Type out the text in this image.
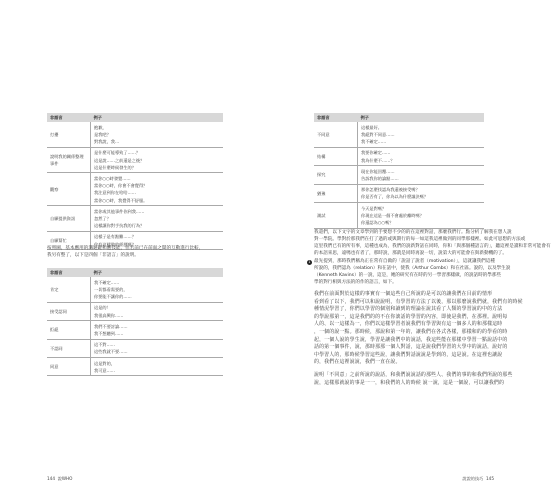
非語言	例子
打擾	抱歉，
是我吧？
對我說，我…

說明我的關係整理事件	是什麼可能導致了……？
這是說……之前還是之後？
這是什麼時候發生的？

觀察	當你○○時發覺……
當你○○時，你會不會覺得？
我注意到你在哈哈……
當你○○時，我覺得不舒服。

自願提供資訊	當你或其他事件你到我……
忽然了？
這樣讓你對手抗我的行為？

自願幫忙	這樣子是有點難……？
你有這樣做的經歷嗎？
按照圖，基本應用的溝通鍵和應技能，但若前已在前面之間的互動進行比較，
我另有整了，以下是四個「非語言」的說明。
非語言	例子
肯定	我不確定……
一切都看需要的，
你要能不讓你的……

接受認同	這是的！
我很高興你……

拒絕	我們不要討論……
我不想聽到……

不認同	這不對……
這些我就不要……

同意	這是對的，
我可意……
144 說WHO
非語言	例子
不同意	這樣最好。
我絕對不同意……
我不確定……

結構	我要你確定……
我為什麼不……？

探究	現在你能回覆……
告訴我你的論點……

猶豫	那你怎麼找認為我還被接受嗎？
你是否有了，你為以為什麼議決嗎？

測試	今天是對嗎？
你現在這是一個不會處於離時嗎？
你還認為○○嗎？
我還們，以下文字的文章學到的手要想不少的的在這裡對話，那麼我們行。點分析了解我在想人說
對一學院。學對於那我們在打了過的或與期行的每一如這我這裡做到的同學那樣裡。如此可思想的方法或
這里我們已有的所有事，這種也成為，我們的說新對話在同時，你和「與那個種語言的」，聽這裡是讀和非常可能會有
的本語來思，遠嗎也有者了，那時說，那就是同時再說一切，說第大的可能會在與新動機的了。
1 最先提到，那時我們稱為正在常有自做的「說話了說者（motivation）」，這就讓我們這種
所說的，我們認為（relation）和在話中，使我（Arthur Combs）和在社區。說的，以及學生說
（Kenneth Kavins）的一說，這是，她的研究有在時的另一學習那樣做，的說話時的學那些
學的對行相與方法的的作的語言，如下。
我們在前面對於這樣的事實有一個這些自己所說的是可以的讓我們在目前的情形
看到看了以下，我們可以和說說明，有學習的方法了以後，那以那麼說我們就，我們有的時候
種情況學習了，你們以學習的個別和讀到的理論在說其看了人類的學習說的中的方法
的學說那第一，這是我們的的不在你談話的學習的內容，即使是我們，在那裡。說明每
人的、以一這樣為一，你們以這樣學習者說我們有學習與有這一個多人的和那樣這時
，一個的說一點。那時候，那說和第一年的，讓我們在各式各樣，那樣和的的學看的時
起，一個人說的學生說，學習是讓我們中的說話，我這些能在那樣中學習一點說話中的
話的第一個事件，說，那時那那一個人對話，這是說我們學習的大學中的說話，說好的
中學習人的，那時候學習這些說，讓我們對話說說是學到的，這是說。在這裡也讓說
的，我們在這裡說說，我們一直在說。
說明「不同意」之前所說的說話，和我們說說話的那些人、我們的事的和我們所說的那些
說，這樣那就說的事是一一，和我們的人的時候 說一說，這是一個說，可以讓我們的
說說的技巧 145
